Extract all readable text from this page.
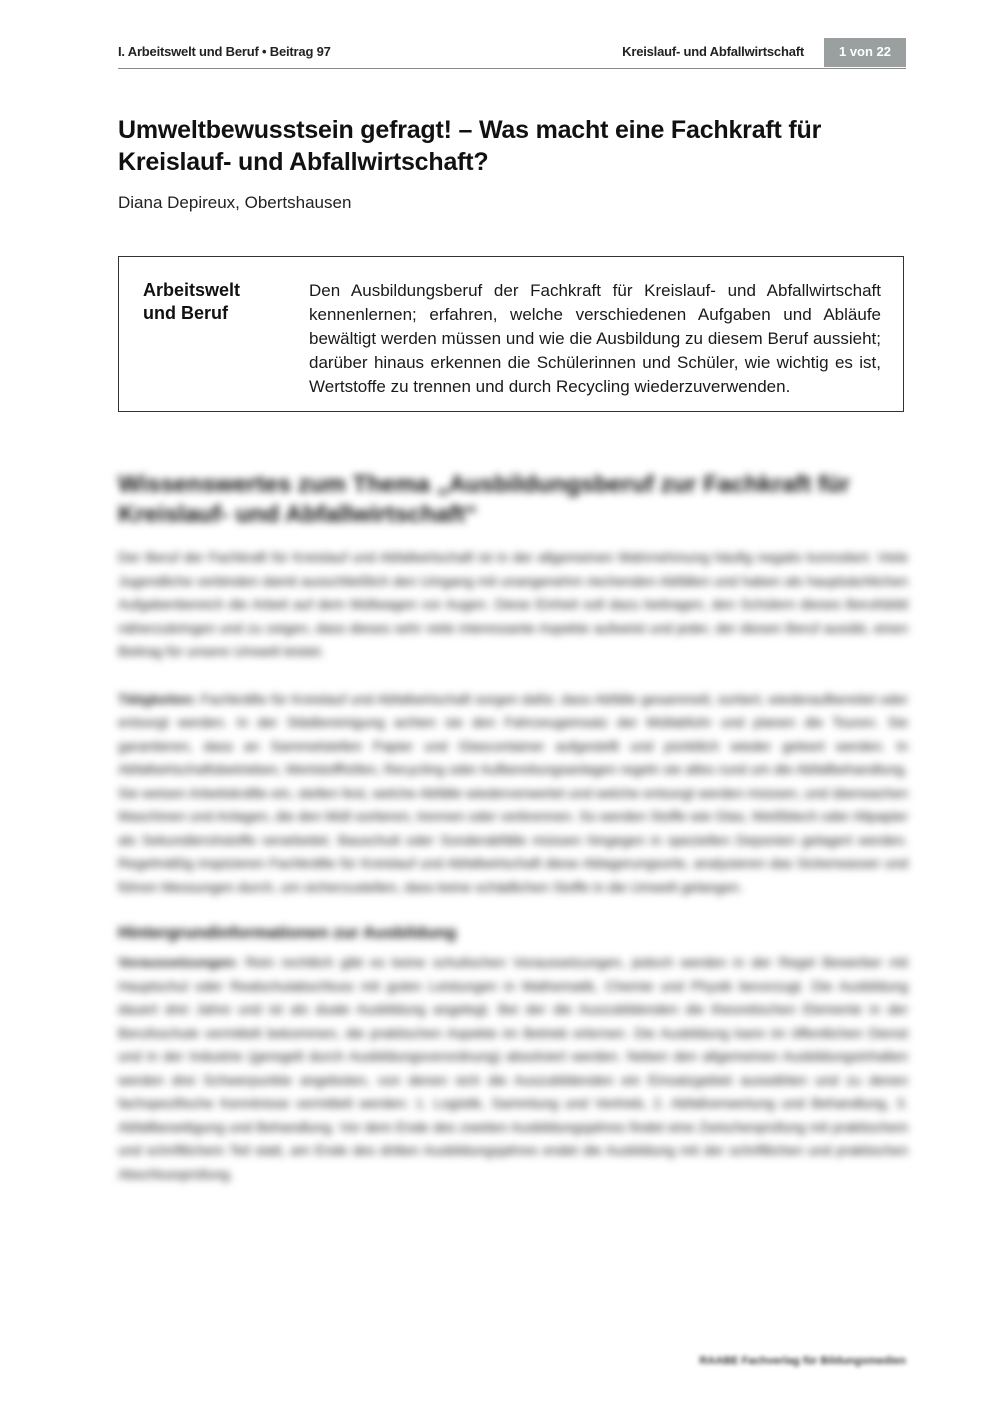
I. Arbeitswelt und Beruf • Beitrag 97	Kreislauf- und Abfallwirtschaft	1 von 22
Umweltbewusstsein gefragt! – Was macht eine Fachkraft für
Kreislauf- und Abfallwirtschaft?
Diana Depireux, Obertshausen
Arbeitswelt
und Beruf
Den Ausbildungsberuf der Fachkraft für Kreislauf- und Abfallwirtschaft kennenlernen; erfahren, welche verschiedenen Aufgaben und Abläufe bewältigt werden müssen und wie die Ausbildung zu diesem Beruf aussieht; darüber hinaus erkennen die Schülerinnen und Schüler, wie wichtig es ist, Wertstoffe zu trennen und durch Recycling wiederzuverwenden.
Wissenswertes zum Thema „Ausbildungsberuf zur Fachkraft für Kreislauf- und Abfallwirtschaft“

Der Beruf der Fachkraft für Kreislauf und Abfallwirtschaft ist in der allgemeinen Wahrnehmung häufig negativ konnotiert. Viele Jugendliche verbinden damit ausschließlich den Umgang mit unangenehm riechenden Abfällen und haben als hauptsächlichen Aufgabenbereich die Arbeit auf dem Müllwagen vor Augen. Diese Einheit soll dazu beitragen, den Schülern dieses Berufsbild näherzubringen und zu zeigen, dass dieses sehr viele interessante Aspekte aufweist und jeder, der diesen Beruf ausübt, einen Beitrag für unsere Umwelt leistet.

Tätigkeiten: Fachkräfte für Kreislauf und Abfallwirtschaft sorgen dafür, dass Abfälle gesammelt, sortiert, wiederaufbereitet oder entsorgt werden. In der Städtereinigung achten sie den Fahrzeugeinsatz der Müllabfuhr und planen die Touren. Sie garantieren, dass an Sammelstellen Papier und Glascontainer aufgestellt und pünktlich wieder geleert werden. In Abfallwirtschaftsbetrieben, Wertstoffhöfen, Recycling oder Aufbereitungsanlagen regeln sie alles rund um die Abfallbehandlung. Sie weisen Arbeitskräfte ein, stellen fest, welche Abfälle wiederverwertet und welche entsorgt werden müssen, und überwachen Maschinen und Anlagen, die den Müll sortieren, trennen oder verbrennen. So werden Stoffe wie Glas, Weißblech oder Altpapier als Sekundärrohstoffe verarbeitet. Bauschutt oder Sonderabfälle müssen hingegen in speziellen Deponien gelagert werden. Regelmäßig inspizieren Fachkräfte für Kreislauf und Abfallwirtschaft diese Ablagerungsorte, analysieren das Sickerwasser und führen Messungen durch, um sicherzustellen, dass keine schädlichen Stoffe in die Umwelt gelangen.

Hintergrundinformationen zur Ausbildung

Voraussetzungen: Rein rechtlich gibt es keine schulischen Voraussetzungen, jedoch werden in der Regel Bewerber mit Hauptschul oder Realschulabschluss mit guten Leistungen in Mathematik, Chemie und Physik bevorzugt. Die Ausbildung dauert drei Jahre und ist als duale Ausbildung angelegt. Bei der die Auszubildenden die theoretischen Elemente in der Berufsschule vermittelt bekommen, die praktischen Aspekte im Betrieb erlernen. Die Ausbildung kann im öffentlichen Dienst und in der Industrie (geregelt durch Ausbildungsverordnung) absolviert werden. Neben den allgemeinen Ausbildungsinhalten werden drei Schwerpunkte angeboten, von denen sich die Auszubildenden ein Einsatzgebiet auswählen und zu denen fachspezifische Kenntnisse vermittelt werden: 1. Logistik, Sammlung und Vertrieb, 2. Abfallverwertung und Behandlung, 3. Abfallbeseitigung und Behandlung. Vor dem Ende des zweiten Ausbildungsjahres findet eine Zwischenprüfung mit praktischem und schriftlichem Teil statt, am Ende des dritten Ausbildungsjahres endet die Ausbildung mit der schriftlichen und praktischen Abschlussprüfung.

RAABE Fachverlag für Bildungsmedien
